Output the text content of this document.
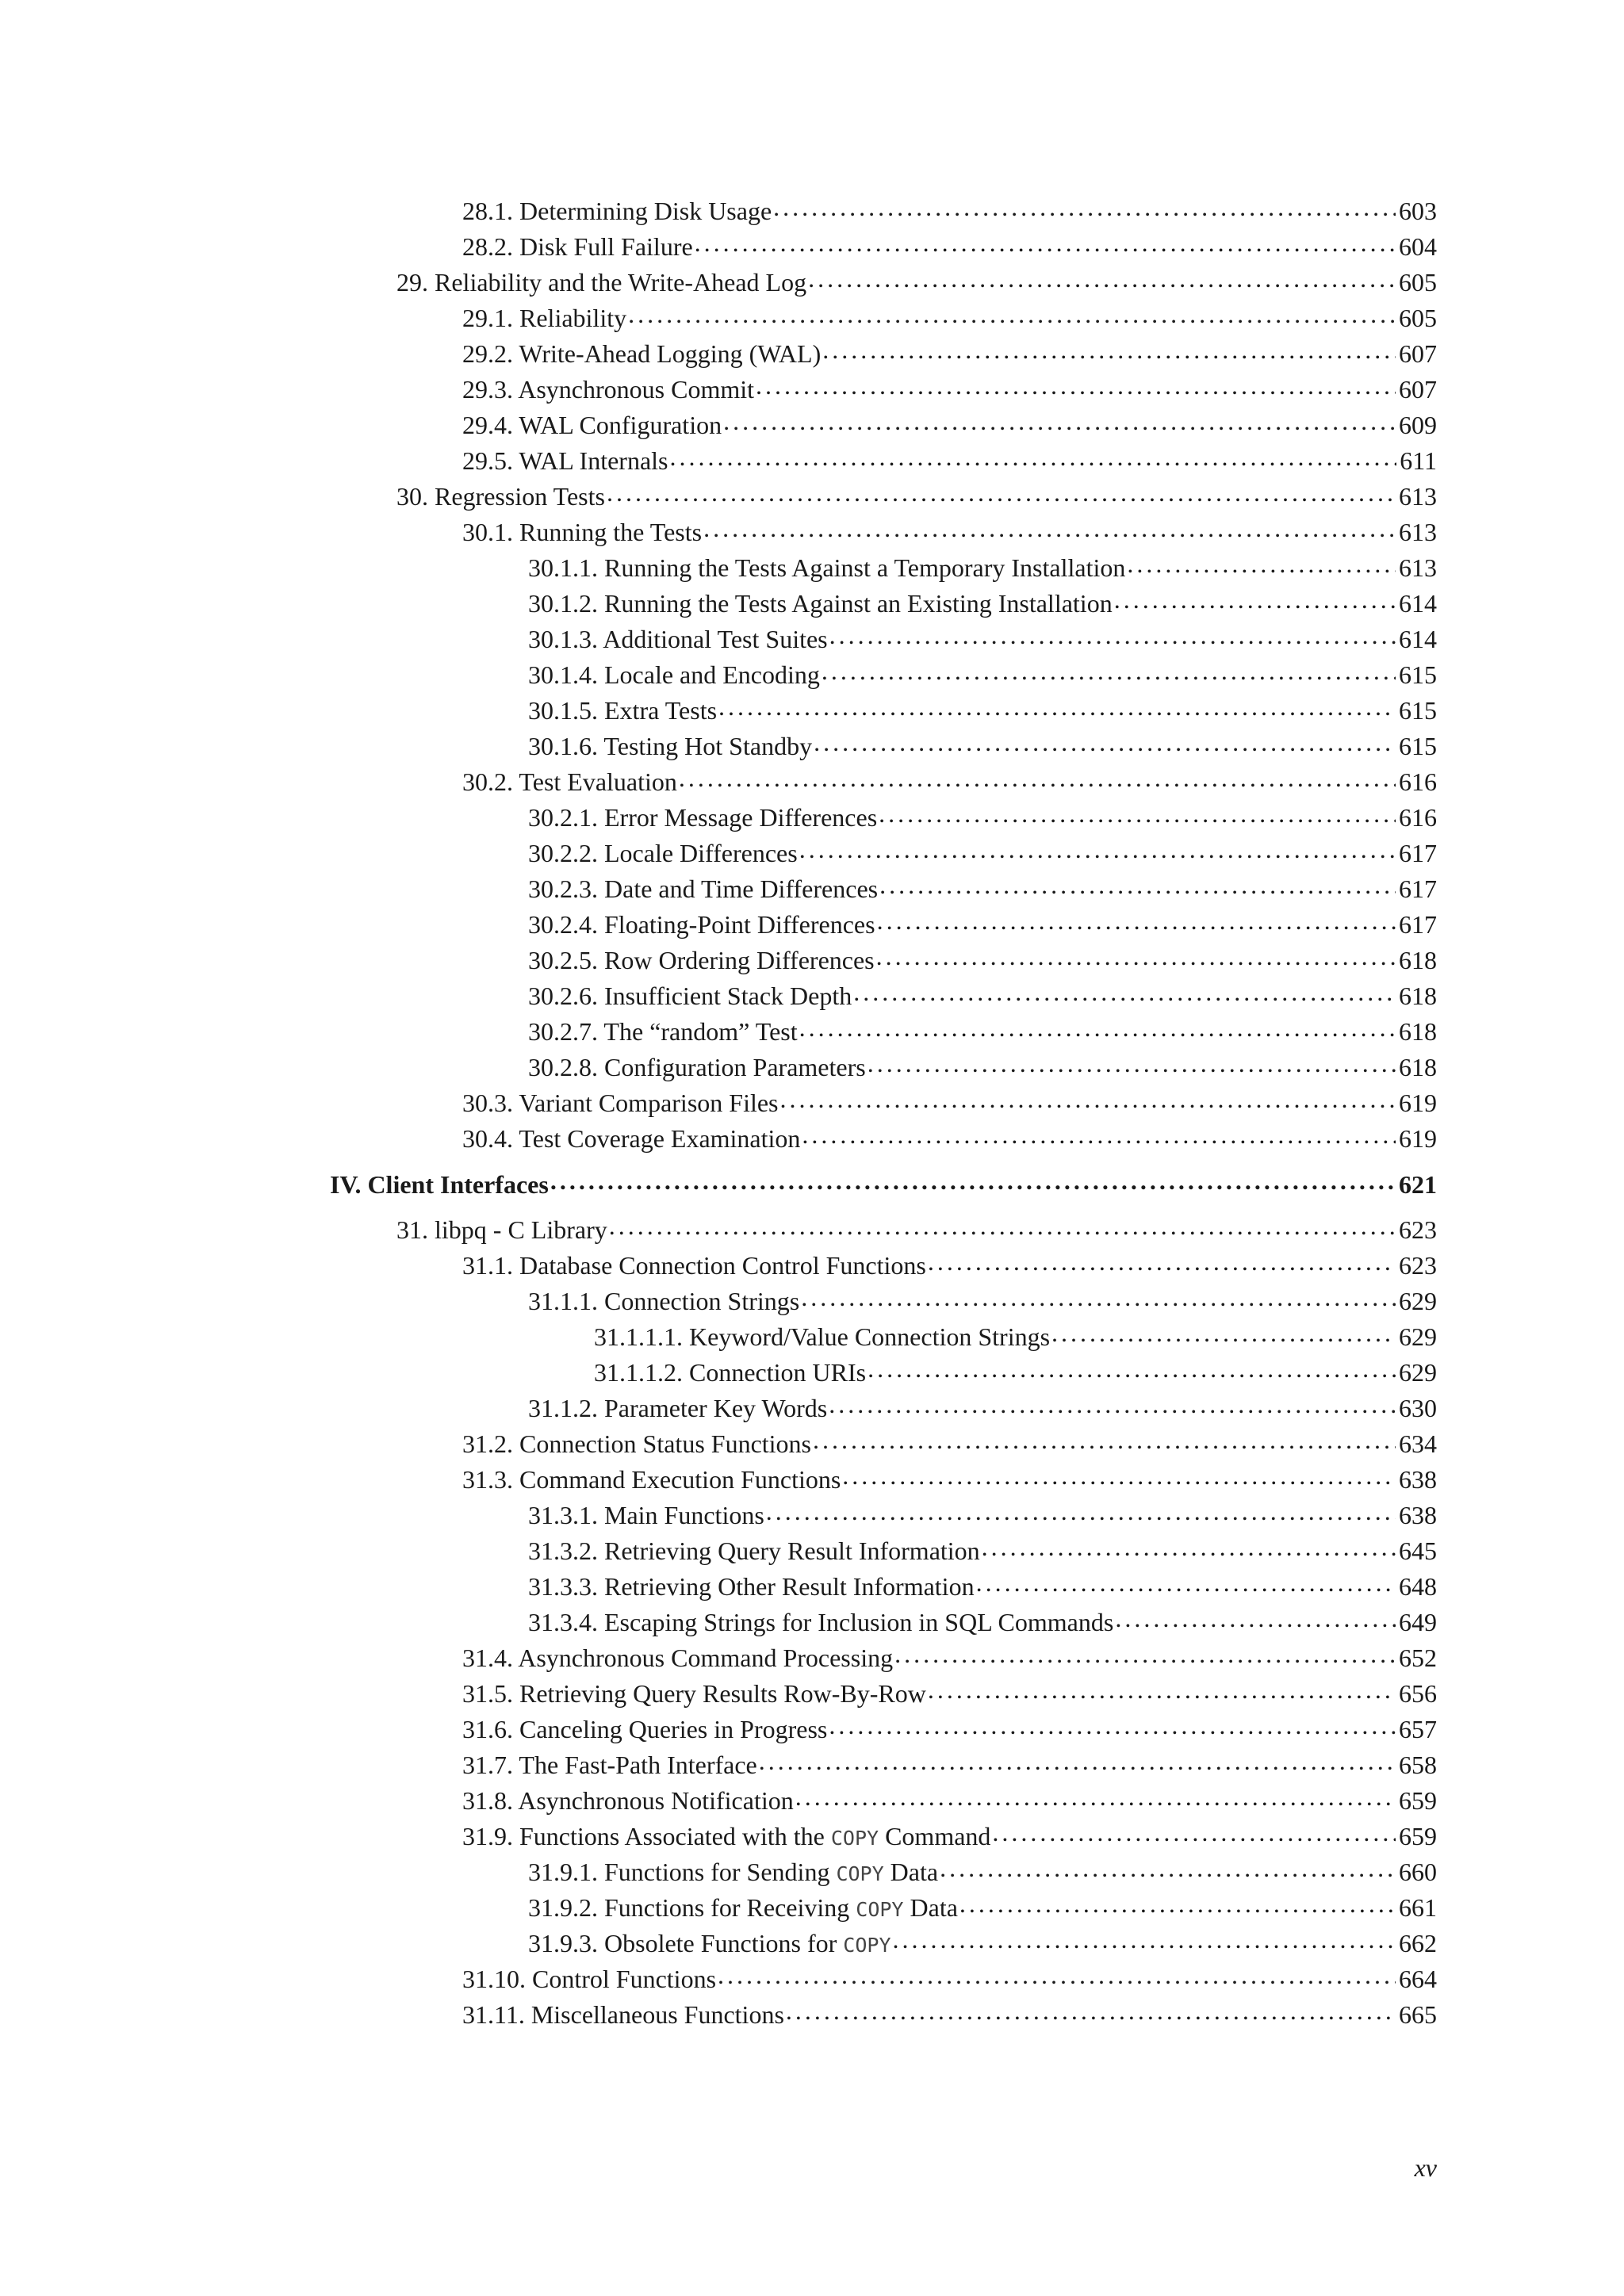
28.1. Determining Disk Usage . . .	603
28.2. Disk Full Failure . . .	604
29. Reliability and the Write-Ahead Log . . .	605
29.1. Reliability . . .	605
29.2. Write-Ahead Logging (WAL) . . .	607
29.3. Asynchronous Commit . . .	607
29.4. WAL Configuration . . .	609
29.5. WAL Internals . . .	611
30. Regression Tests . . .	613
30.1. Running the Tests . . .	613
30.1.1. Running the Tests Against a Temporary Installation . . .	613
30.1.2. Running the Tests Against an Existing Installation . . .	614
30.1.3. Additional Test Suites . . .	614
30.1.4. Locale and Encoding . . .	615
30.1.5. Extra Tests . . .	615
30.1.6. Testing Hot Standby . . .	615
30.2. Test Evaluation . . .	616
30.2.1. Error Message Differences . . .	616
30.2.2. Locale Differences . . .	617
30.2.3. Date and Time Differences . . .	617
30.2.4. Floating-Point Differences . . .	617
30.2.5. Row Ordering Differences . . .	618
30.2.6. Insufficient Stack Depth . . .	618
30.2.7. The “random” Test . . .	618
30.2.8. Configuration Parameters . . .	618
30.3. Variant Comparison Files . . .	619
30.4. Test Coverage Examination . . .	619
IV. Client Interfaces . . .	621
31. libpq - C Library . . .	623
31.1. Database Connection Control Functions . . .	623
31.1.1. Connection Strings . . .	629
31.1.1.1. Keyword/Value Connection Strings . . .	629
31.1.1.2. Connection URIs . . .	629
31.1.2. Parameter Key Words . . .	630
31.2. Connection Status Functions . . .	634
31.3. Command Execution Functions . . .	638
31.3.1. Main Functions . . .	638
31.3.2. Retrieving Query Result Information . . .	645
31.3.3. Retrieving Other Result Information . . .	648
31.3.4. Escaping Strings for Inclusion in SQL Commands . . .	649
31.4. Asynchronous Command Processing . . .	652
31.5. Retrieving Query Results Row-By-Row . . .	656
31.6. Canceling Queries in Progress . . .	657
31.7. The Fast-Path Interface . . .	658
31.8. Asynchronous Notification . . .	659
31.9. Functions Associated with the COPY Command . . .	659
31.9.1. Functions for Sending COPY Data . . .	660
31.9.2. Functions for Receiving COPY Data . . .	661
31.9.3. Obsolete Functions for COPY . . .	662
31.10. Control Functions . . .	664
31.11. Miscellaneous Functions . . .	665
xv
